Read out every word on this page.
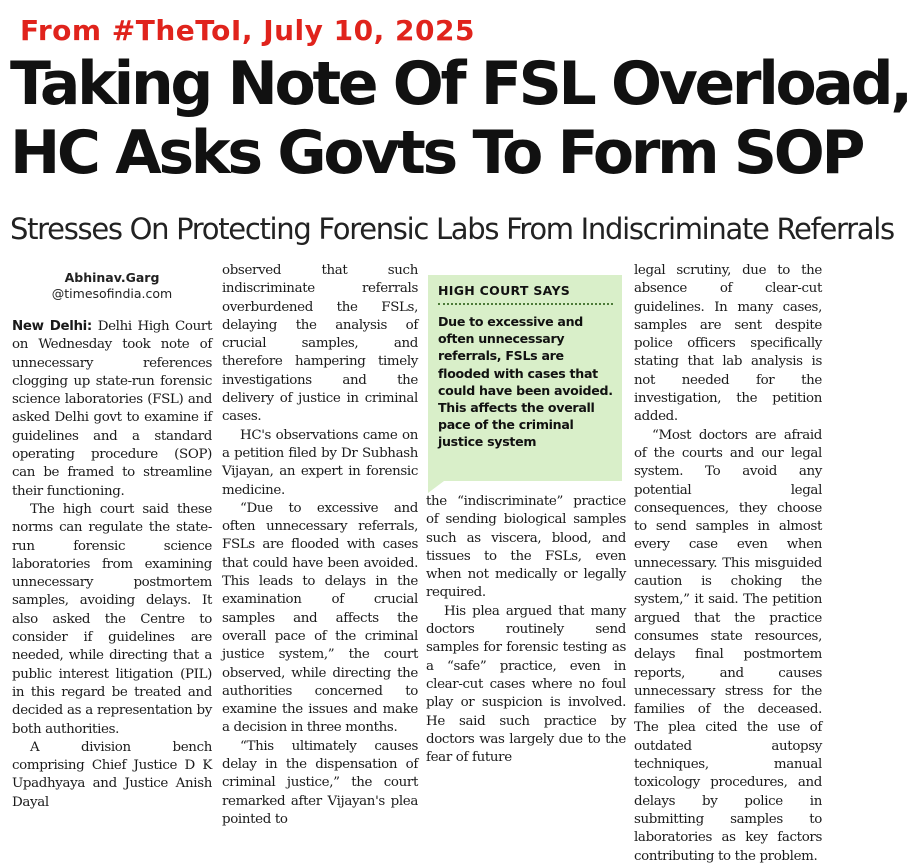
From #TheToI, July 10, 2025
Taking Note Of FSL Overload,
HC Asks Govts To Form SOP
Stresses On Protecting Forensic Labs From Indiscriminate Referrals
Abhinav.Garg
@timesofindia.com

New Delhi: Delhi High Court on Wednesday took note of unnecessary references clogging up state-run forensic science laboratories (FSL) and asked Delhi govt to examine if guidelines and a standard operating procedure (SOP) can be framed to streamline their functioning.

The high court said these norms can regulate the state-run forensic science laboratories from examining unnecessary postmortem samples, avoiding delays. It also asked the Centre to consider if guidelines are needed, while directing that a public interest litigation (PIL) in this regard be treated and decided as a representation by both authorities.

A division bench comprising Chief Justice D K Upadhyaya and Justice Anish Dayal

observed that such indiscriminate referrals overburdened the FSLs, delaying the analysis of crucial samples, and therefore hampering timely investigations and the delivery of justice in criminal cases.

HC's observations came on a petition filed by Dr Subhash Vijayan, an expert in forensic medicine.

“Due to excessive and often unnecessary referrals, FSLs are flooded with cases that could have been avoided. This leads to delays in the examination of crucial samples and affects the overall pace of the criminal justice system,” the court observed, while directing the authorities concerned to examine the issues and make a decision in three months.

“This ultimately causes delay in the dispensation of criminal justice,” the court remarked after Vijayan's plea pointed to

HIGH COURT SAYS
Due to excessive and often unnecessary referrals, FSLs are flooded with cases that could have been avoided. This affects the overall pace of the criminal justice system

the “indiscriminate” practice of sending biological samples such as viscera, blood, and tissues to the FSLs, even when not medically or legally required.

His plea argued that many doctors routinely send samples for forensic testing as a “safe” practice, even in clear-cut cases where no foul play or suspicion is involved. He said such practice by doctors was largely due to the fear of future

legal scrutiny, due to the absence of clear-cut guidelines. In many cases, samples are sent despite police officers specifically stating that lab analysis is not needed for the investigation, the petition added.

“Most doctors are afraid of the courts and our legal system. To avoid any potential legal consequences, they choose to send samples in almost every case even when unnecessary. This misguided caution is choking the system,” it said. The petition argued that the practice consumes state resources, delays final postmortem reports, and causes unnecessary stress for the families of the deceased. The plea cited the use of outdated autopsy techniques, manual toxicology procedures, and delays by police in submitting samples to laboratories as key factors contributing to the problem.
